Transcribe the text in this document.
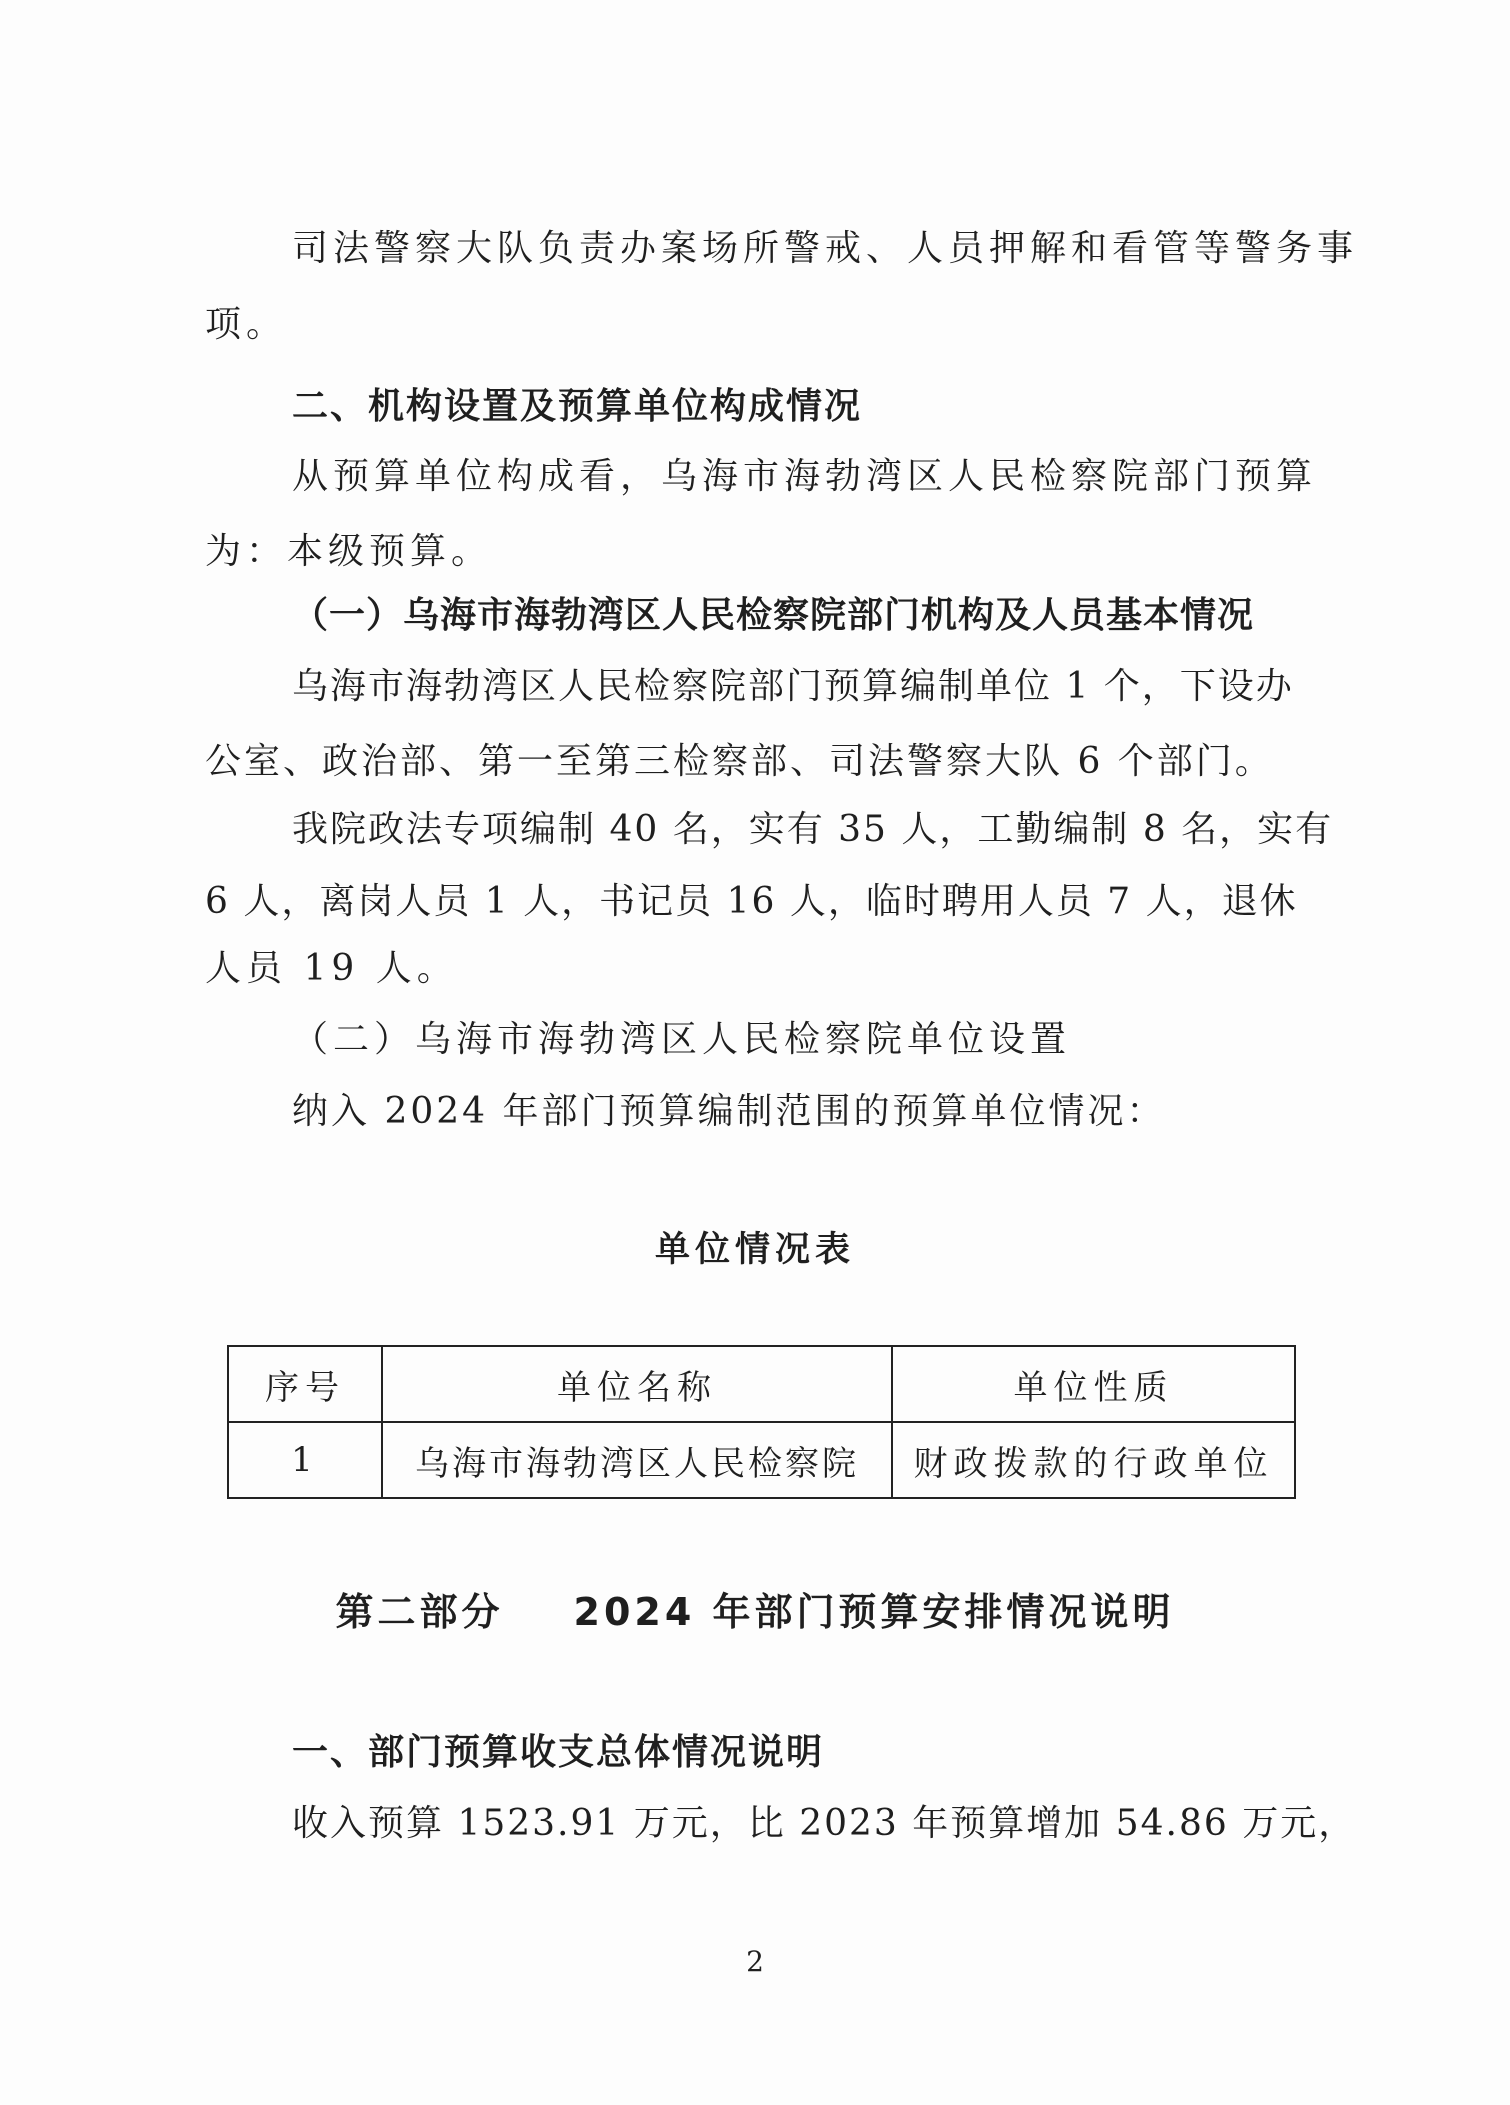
司法警察大队负责办案场所警戒、人员押解和看管等警务事
项。
二、机构设置及预算单位构成情况
从预算单位构成看，乌海市海勃湾区人民检察院部门预算
为：本级预算。
（一）乌海市海勃湾区人民检察院部门机构及人员基本情况
乌海市海勃湾区人民检察院部门预算编制单位 1 个，下设办
公室、政治部、第一至第三检察部、司法警察大队 6 个部门。
我院政法专项编制 40 名，实有 35 人，工勤编制 8 名，实有
6 人，离岗人员 1 人，书记员 16 人，临时聘用人员 7 人，退休
人员 19 人。
（二）乌海市海勃湾区人民检察院单位设置
纳入 2024 年部门预算编制范围的预算单位情况：
单位情况表
序号	单位名称	单位性质
1	乌海市海勃湾区人民检察院	财政拨款的行政单位
第二部分 2024 年部门预算安排情况说明
一、部门预算收支总体情况说明
收入预算 1523.91 万元，比 2023 年预算增加 54.86 万元，
2
